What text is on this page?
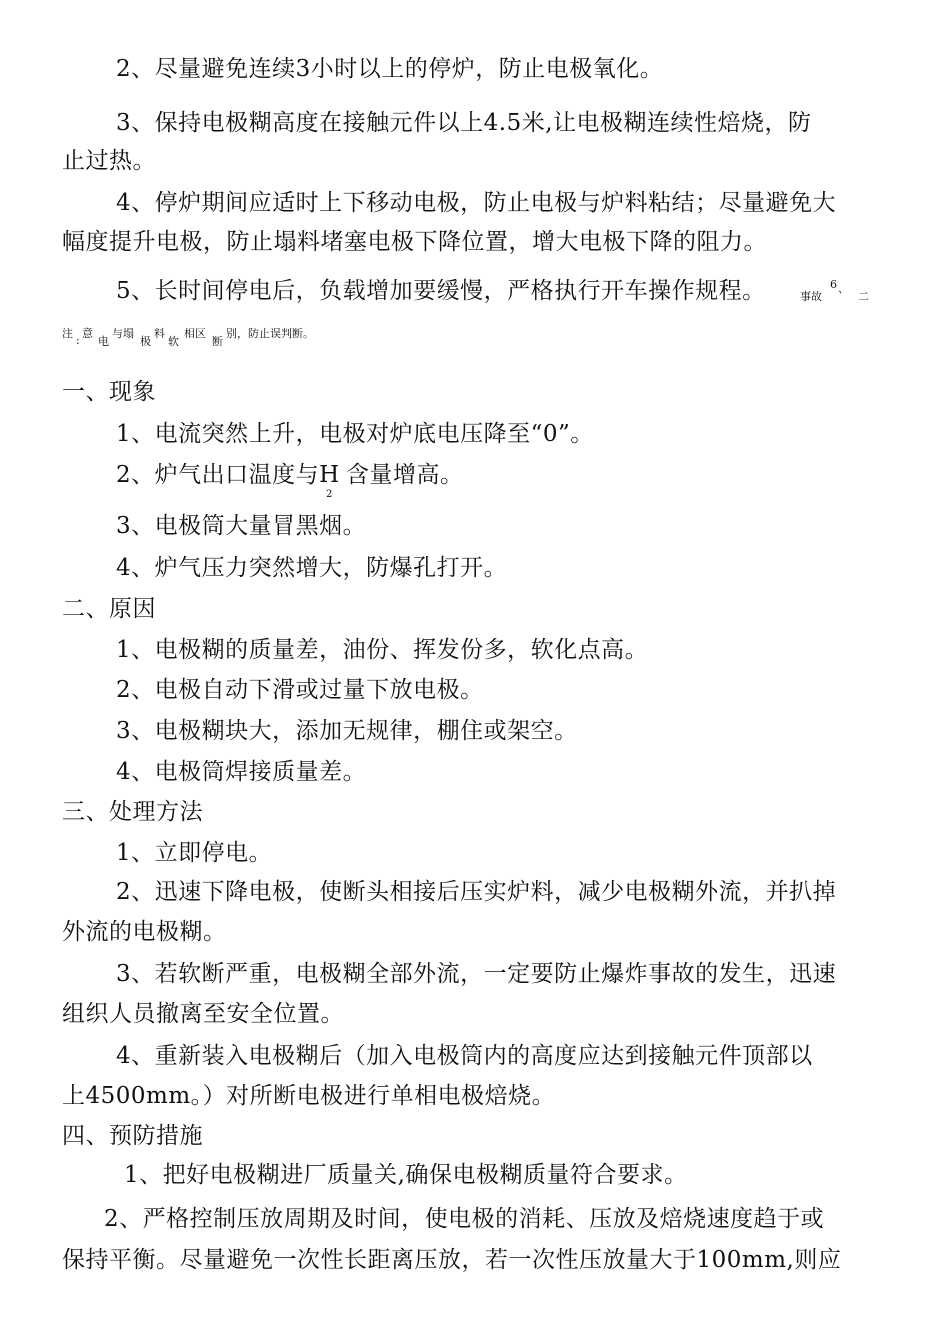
2、尽量避免连续3小时以上的停炉，防止电极氧化。
3、保持电极糊高度在接触元件以上4.5米,让电极糊连续性焙烧，防
止过热。
4、停炉期间应适时上下移动电极，防止电极与炉料粘结；尽量避免大
幅度提升电极，防止塌料堵塞电极下降位置，增大电极下降的阻力。
5、长时间停电后，负载增加要缓慢，严格执行开车操作规程。	事故
6 、
二
注
:
意
电
与塌
极
料
软
相区
断
别，防止误判断。
一、现象
1、电流突然上升，电极对炉底电压降至“0”。
2、炉气出口温度与H
2
含量增高。
3、电极筒大量冒黑烟。
4、炉气压力突然增大，防爆孔打开。
二、原因
1、电极糊的质量差，油份、挥发份多，软化点高。
2、电极自动下滑或过量下放电极。
3、电极糊块大，添加无规律，棚住或架空。
4、电极筒焊接质量差。
三、处理方法
1、立即停电。
2、迅速下降电极，使断头相接后压实炉料，减少电极糊外流，并扒掉
外流的电极糊。
3、若软断严重，电极糊全部外流，一定要防止爆炸事故的发生，迅速
组织人员撤离至安全位置。
4、重新装入电极糊后（加入电极筒内的高度应达到接触元件顶部以
上4500mm。）对所断电极进行单相电极焙烧。
四、预防措施
1、把好电极糊进厂质量关,确保电极糊质量符合要求。
2、严格控制压放周期及时间，使电极的消耗、压放及焙烧速度趋于或
保持平衡。尽量避免一次性长距离压放，若一次性压放量大于100mm,则应
